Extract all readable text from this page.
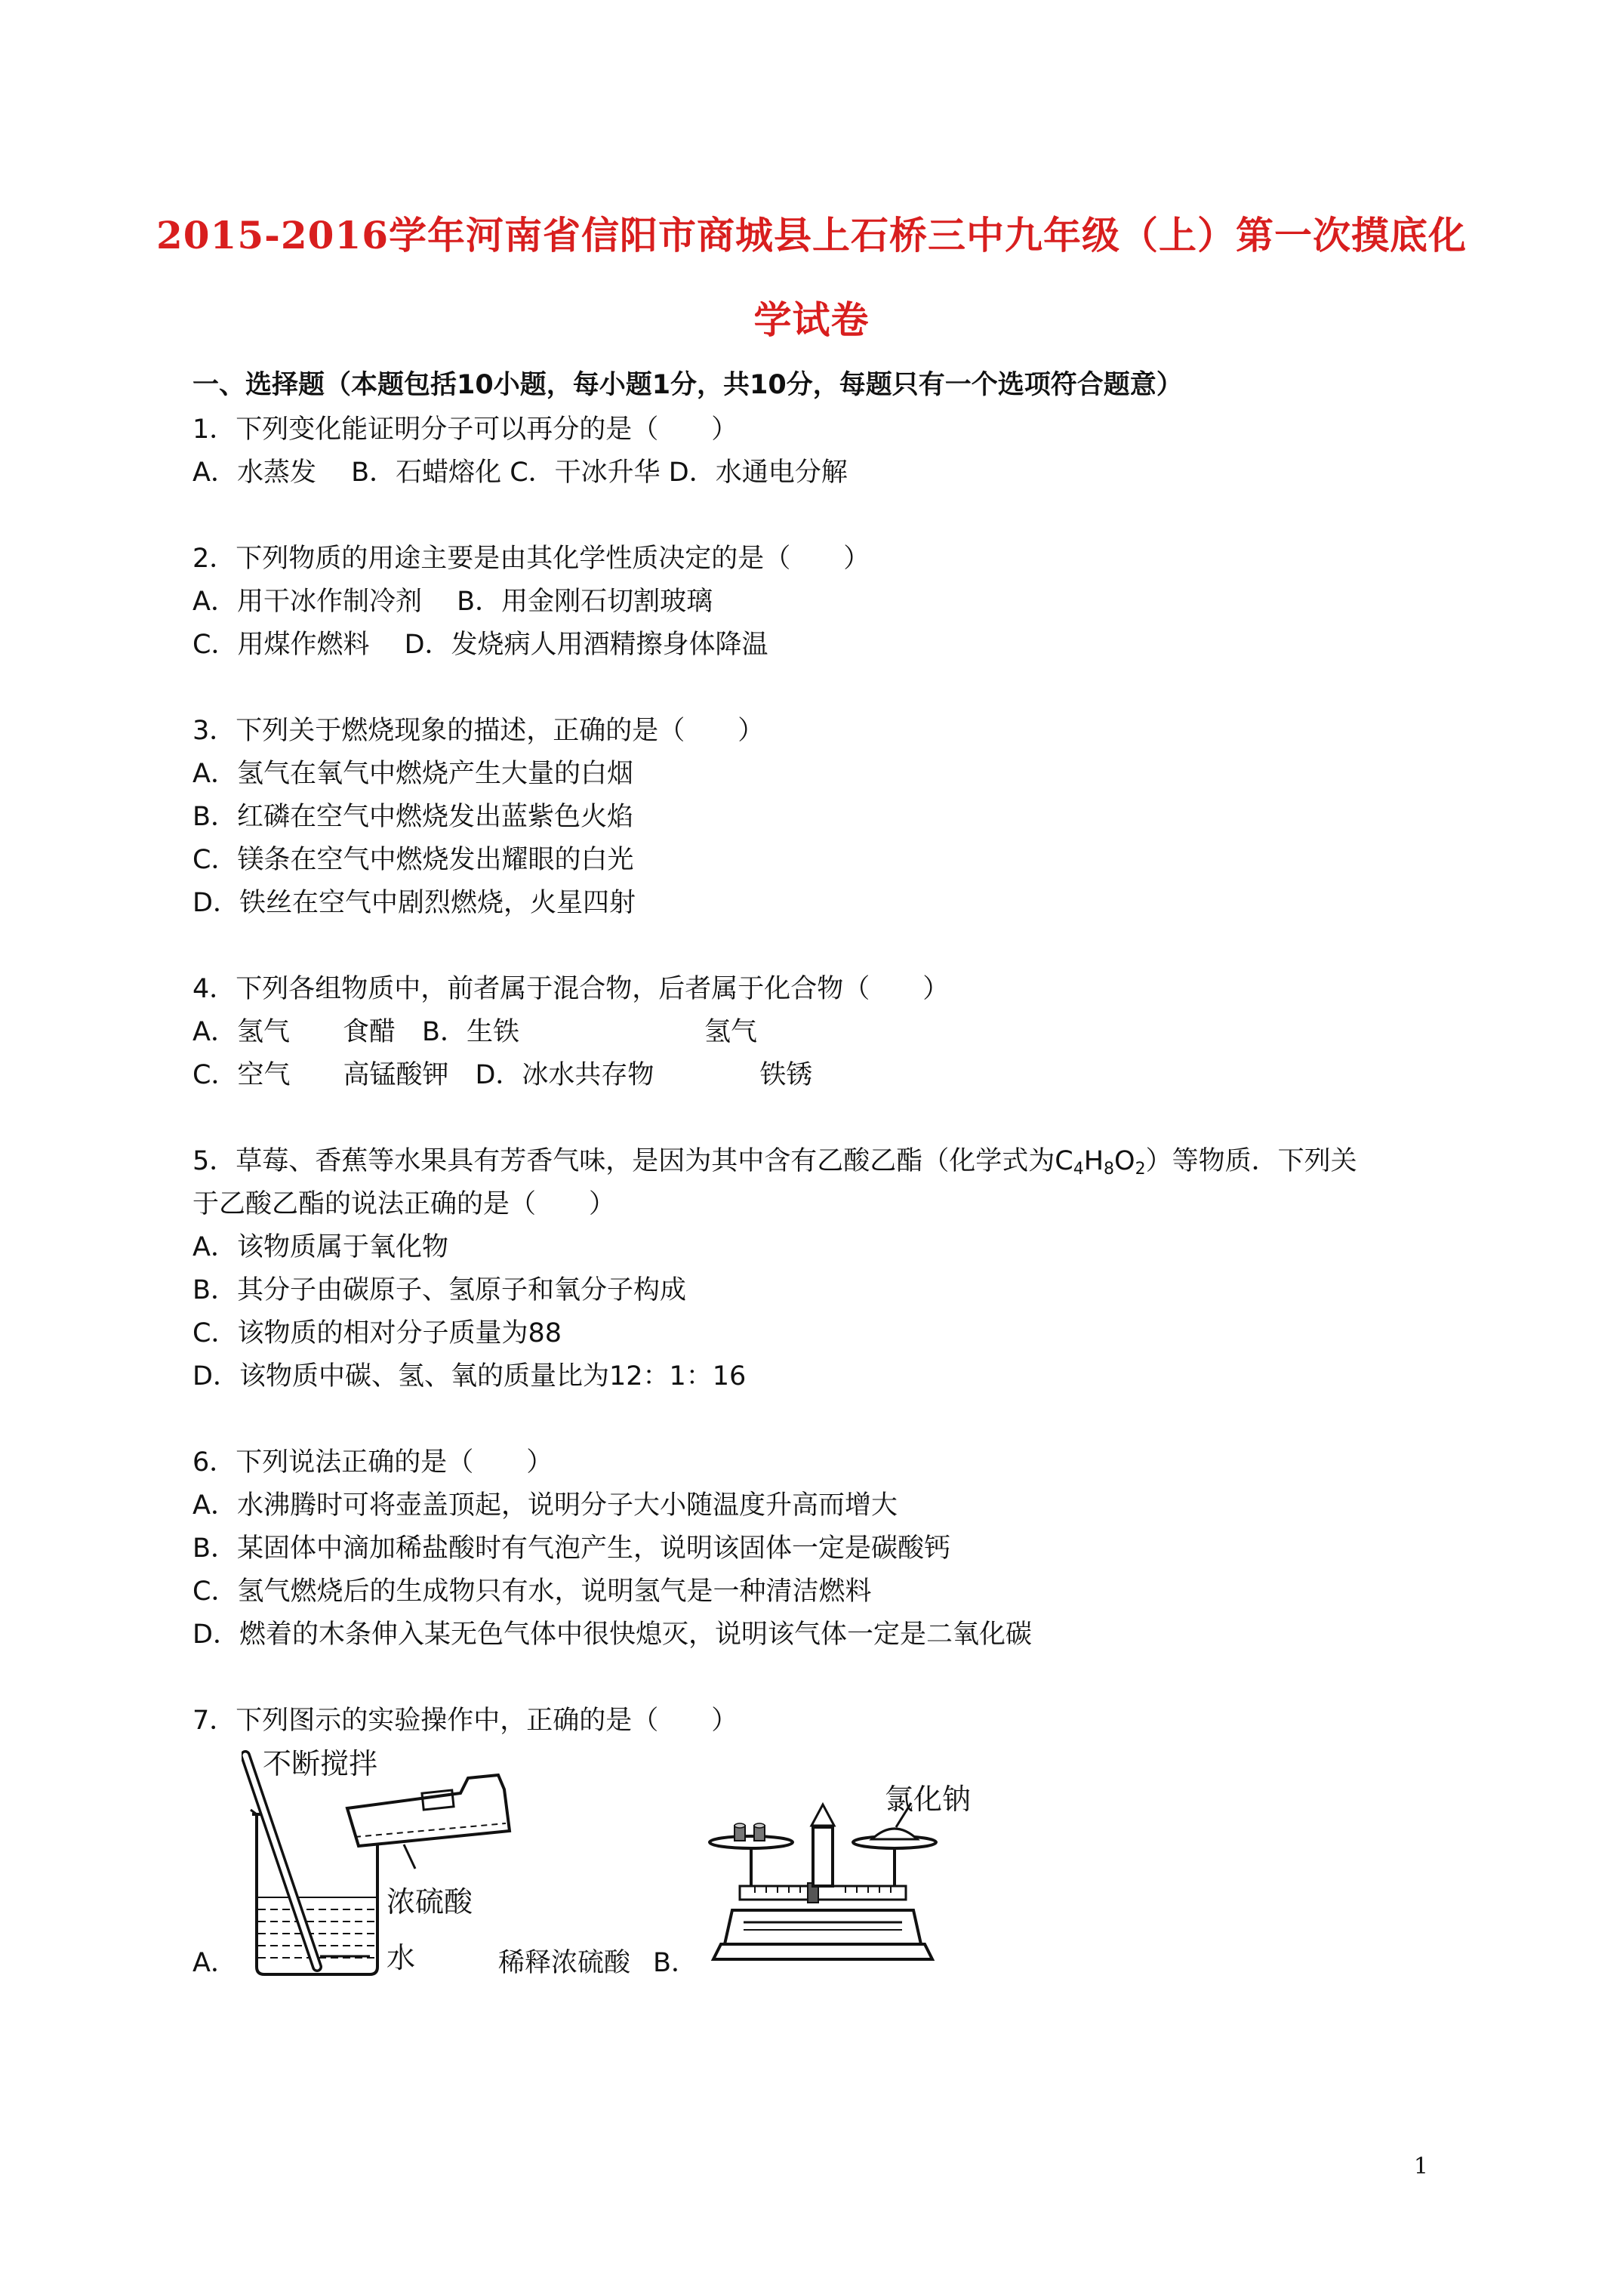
2015-2016学年河南省信阳市商城县上石桥三中九年级（上）第一次摸底化
学试卷
一、选择题（本题包括10小题，每小题1分，共10分，每题只有一个选项符合题意）
1．下列变化能证明分子可以再分的是（　　）
A．水蒸发　 B．石蜡熔化 C．干冰升华 D．水通电分解
2．下列物质的用途主要是由其化学性质决定的是（　　）
A．用干冰作制冷剂　 B．用金刚石切割玻璃
C．用煤作燃料　 D．发烧病人用酒精擦身体降温
3．下列关于燃烧现象的描述，正确的是（　　）
A．氢气在氧气中燃烧产生大量的白烟
B．红磷在空气中燃烧发出蓝紫色火焰
C．镁条在空气中燃烧发出耀眼的白光
D．铁丝在空气中剧烈燃烧，火星四射
4．下列各组物质中，前者属于混合物，后者属于化合物（　　）
A．氢气　　食醋　B．生铁　　　　　　　氢气
C．空气　　高锰酸钾　D．冰水共存物　　　　铁锈
5．草莓、香蕉等水果具有芳香气味，是因为其中含有乙酸乙酯（化学式为$C_4H_8O_2$）等物质．下列关
于乙酸乙酯的说法正确的是（　　）
A．该物质属于氧化物
B．其分子由碳原子、氢原子和氧分子构成
C．该物质的相对分子质量为88
D．该物质中碳、氢、氧的质量比为12：1：16
6．下列说法正确的是（　　）
A．水沸腾时可将壶盖顶起，说明分子大小随温度升高而增大
B．某固体中滴加稀盐酸时有气泡产生，说明该固体一定是碳酸钙
C．氢气燃烧后的生成物只有水，说明氢气是一种清洁燃料
D．燃着的木条伸入某无色气体中很快熄灭，说明该气体一定是二氧化碳
7．下列图示的实验操作中，正确的是（　　）
A．
不断搅拌
浓硫酸
水	稀释浓硫酸 B．
氯化钠
1
